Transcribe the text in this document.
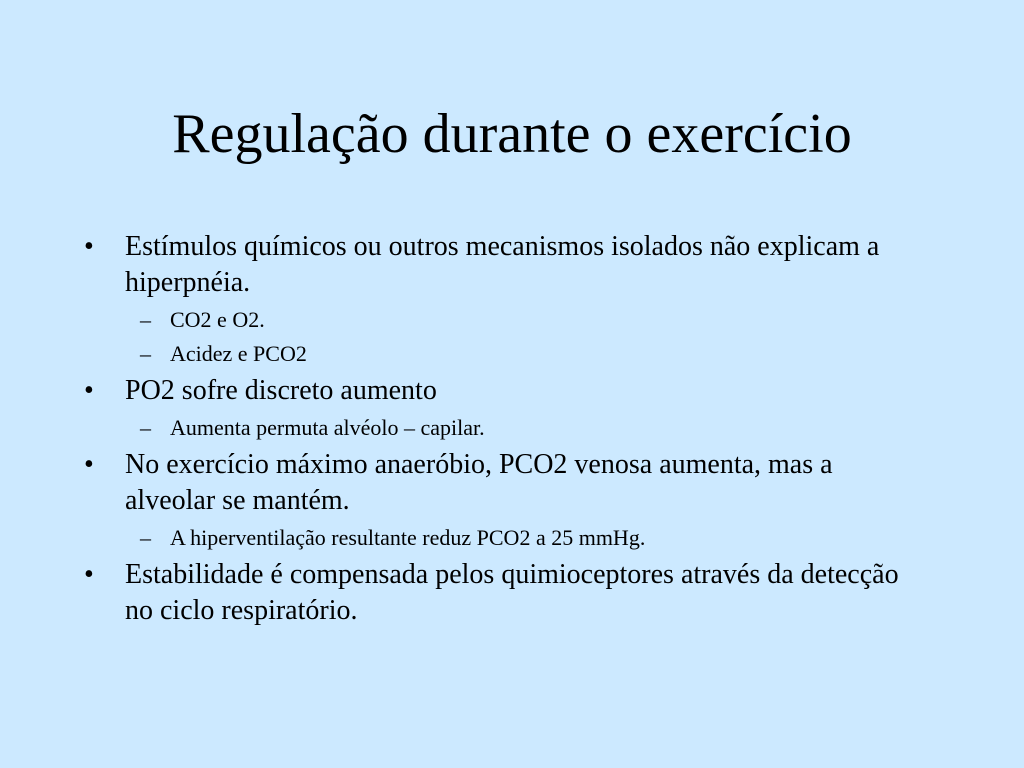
Regulação durante o exercício
• Estímulos químicos ou outros mecanismos isolados não explicam a hiperpnéia.
– CO2 e O2.
– Acidez e PCO2
• PO2 sofre discreto aumento
– Aumenta permuta alvéolo – capilar.
• No exercício máximo anaeróbio, PCO2 venosa aumenta, mas a alveolar se mantém.
– A hiperventilação resultante reduz PCO2 a 25 mmHg.
• Estabilidade é compensada pelos quimioceptores através da detecção no ciclo respiratório.
